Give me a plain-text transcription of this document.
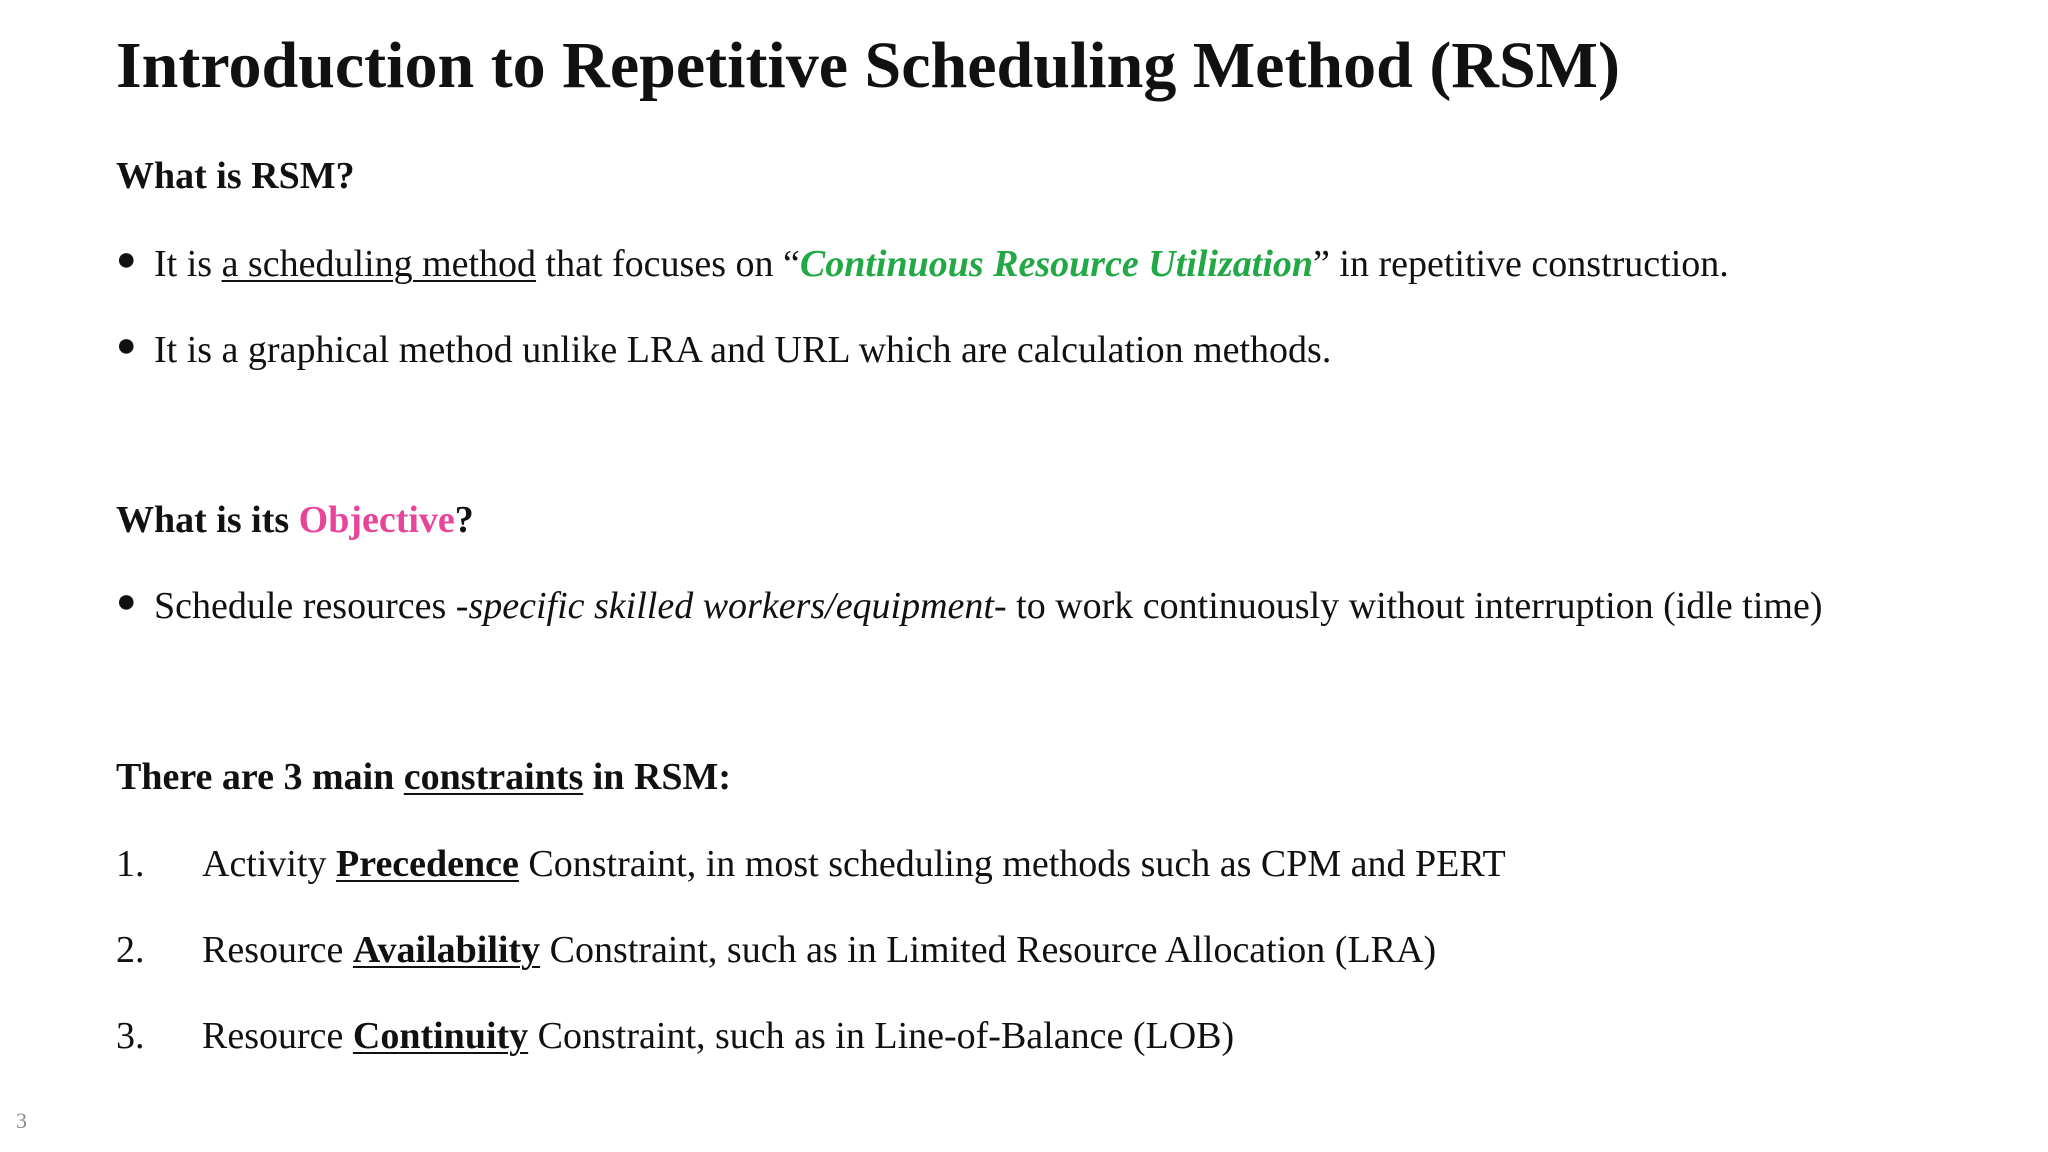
Introduction to Repetitive Scheduling Method (RSM)
What is RSM?
● It is a scheduling method that focuses on “Continuous Resource Utilization” in repetitive construction.
● It is a graphical method unlike LRA and URL which are calculation methods.
What is its Objective?
● Schedule resources -specific skilled workers/equipment- to work continuously without interruption (idle time)
There are 3 main constraints in RSM:
1. Activity Precedence Constraint, in most scheduling methods such as CPM and PERT
2. Resource Availability Constraint, such as in Limited Resource Allocation (LRA)
3. Resource Continuity Constraint, such as in Line-of-Balance (LOB)
3
